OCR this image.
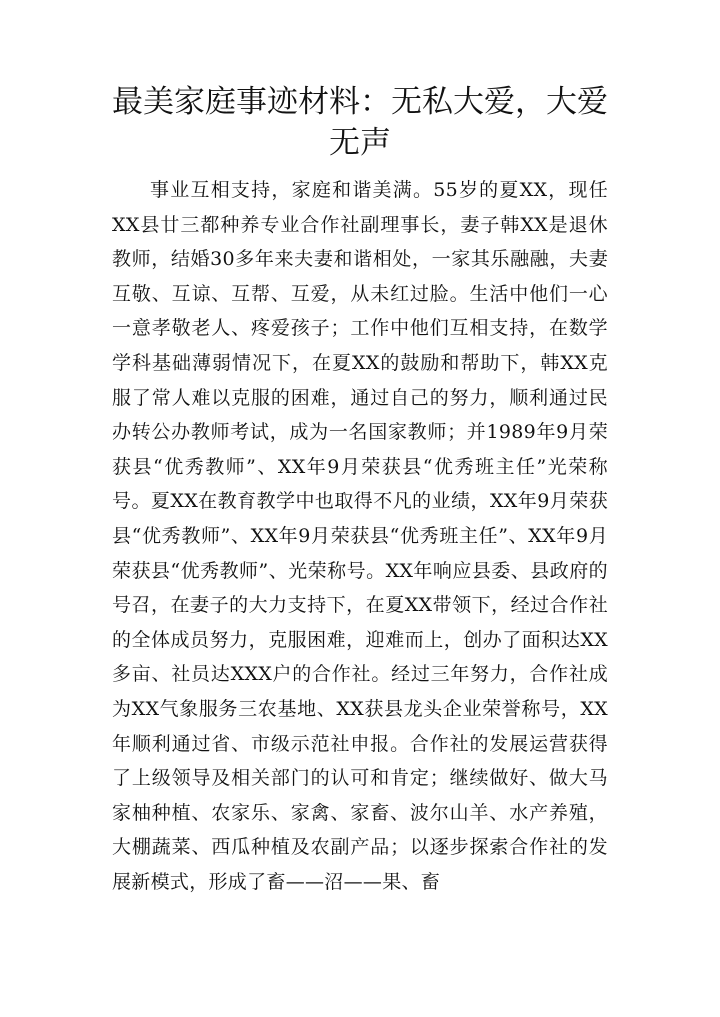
最美家庭事迹材料：无私大爱，大爱无声

事业互相支持，家庭和谐美满。55岁的夏XX，现任XX县廿三都种养专业合作社副理事长，妻子韩XX是退休教师，结婚30多年来夫妻和谐相处，一家其乐融融，夫妻互敬、互谅、互帮、互爱，从未红过脸。生活中他们一心一意孝敬老人、疼爱孩子；工作中他们互相支持，在数学学科基础薄弱情况下，在夏XX的鼓励和帮助下，韩XX克服了常人难以克服的困难，通过自己的努力，顺利通过民办转公办教师考试，成为一名国家教师；并1989年9月荣获县“优秀教师”、XX年9月荣获县“优秀班主任”光荣称号。夏XX在教育教学中也取得不凡的业绩，XX年9月荣获县“优秀教师”、XX年9月荣获县“优秀班主任”、XX年9月荣获县“优秀教师”、光荣称号。XX年响应县委、县政府的号召，在妻子的大力支持下，在夏XX带领下，经过合作社的全体成员努力，克服困难，迎难而上，创办了面积达XX多亩、社员达XXX户的合作社。经过三年努力，合作社成为XX气象服务三农基地、XX获县龙头企业荣誉称号，XX年顺利通过省、市级示范社申报。合作社的发展运营获得了上级领导及相关部门的认可和肯定；继续做好、做大马家柚种植、农家乐、家禽、家畜、波尔山羊、水产养殖，大棚蔬菜、西瓜种植及农副产品；以逐步探索合作社的发展新模式，形成了畜——沼——果、畜
